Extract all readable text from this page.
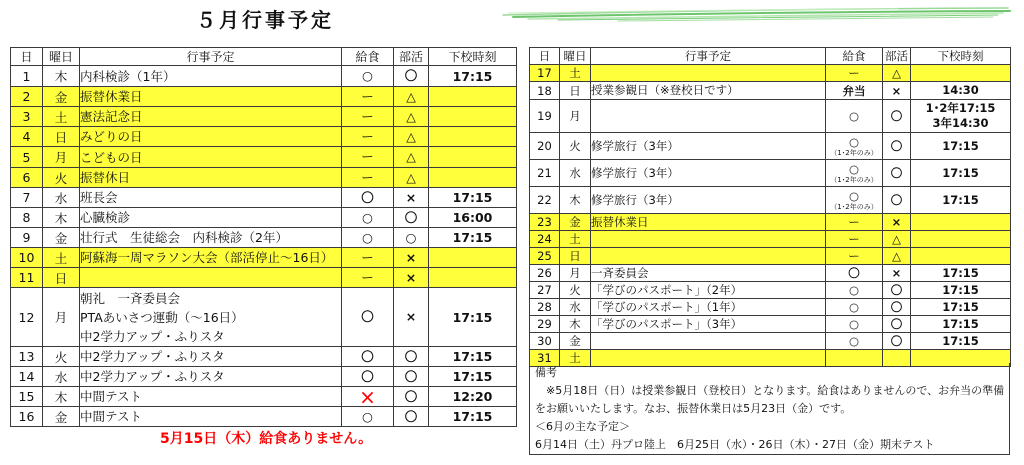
５月行事予定
日	曜日	行事予定	給食	部活	下校時刻
1	木	内科検診（1年）	○	〇	17:15

2	金	振替休業日	ー	△	

3	土	憲法記念日	ー	△	

4	日	みどりの日	ー	△	

5	月	こどもの日	ー	△	

6	火	振替休日	ー	△	

7	水	班長会	〇	×	17:15

8	木	心臓検診	○	〇	16:00

9	金	壮行式　生徒総会　内科検診（2年）	○	○	17:15

10	土	阿蘇海一周マラソン大会（部活停止～16日）	ー	×	

11	日		ー	×	

12	月	朝礼　一斉委員会
PTAあいさつ運動（～16日）
中2学力アップ・ふりスタ	〇	×	17:15

13	火	中2学力アップ・ふりスタ	〇	〇	17:15

14	水	中2学力アップ・ふりスタ	〇	〇	17:15

15	木	中間テスト	×	〇	12:20

16	金	中間テスト	○	〇	17:15
日	曜日	行事予定	給食	部活	下校時刻
17	土		ー	△	

18	日	授業参観日（※登校日です）	弁当	×	14:30

19	月		○	〇	1･2年17:15
3年14:30

20	火	修学旅行（3年）	○
（1･2年のみ）	〇	17:15

21	水	修学旅行（3年）	○
（1･2年のみ）	〇	17:15

22	木	修学旅行（3年）	○
（1･2年のみ）	〇	17:15

23	金	振替休業日	ー	×	

24	土		ー	△	

25	日		ー	△	

26	月	一斉委員会	〇	×	17:15

27	火	「学びのパスポート」（2年）	○	〇	17:15

28	水	「学びのパスポート」（1年）	○	〇	17:15

29	木	「学びのパスポート」（3年）	○	〇	17:15

30	金		○	〇	17:15

31	土				
備考
※5月18日（日）は授業参観日（登校日）となります。給食はありませんので、お弁当の準備
をお願いいたします。なお、振替休業日は5月23日（金）です。
＜6月の主な予定＞
6月14日（土）丹プロ陸上　6月25日（水）・26日（木）・27日（金）期末テスト
5月15日（木）給食ありません。
